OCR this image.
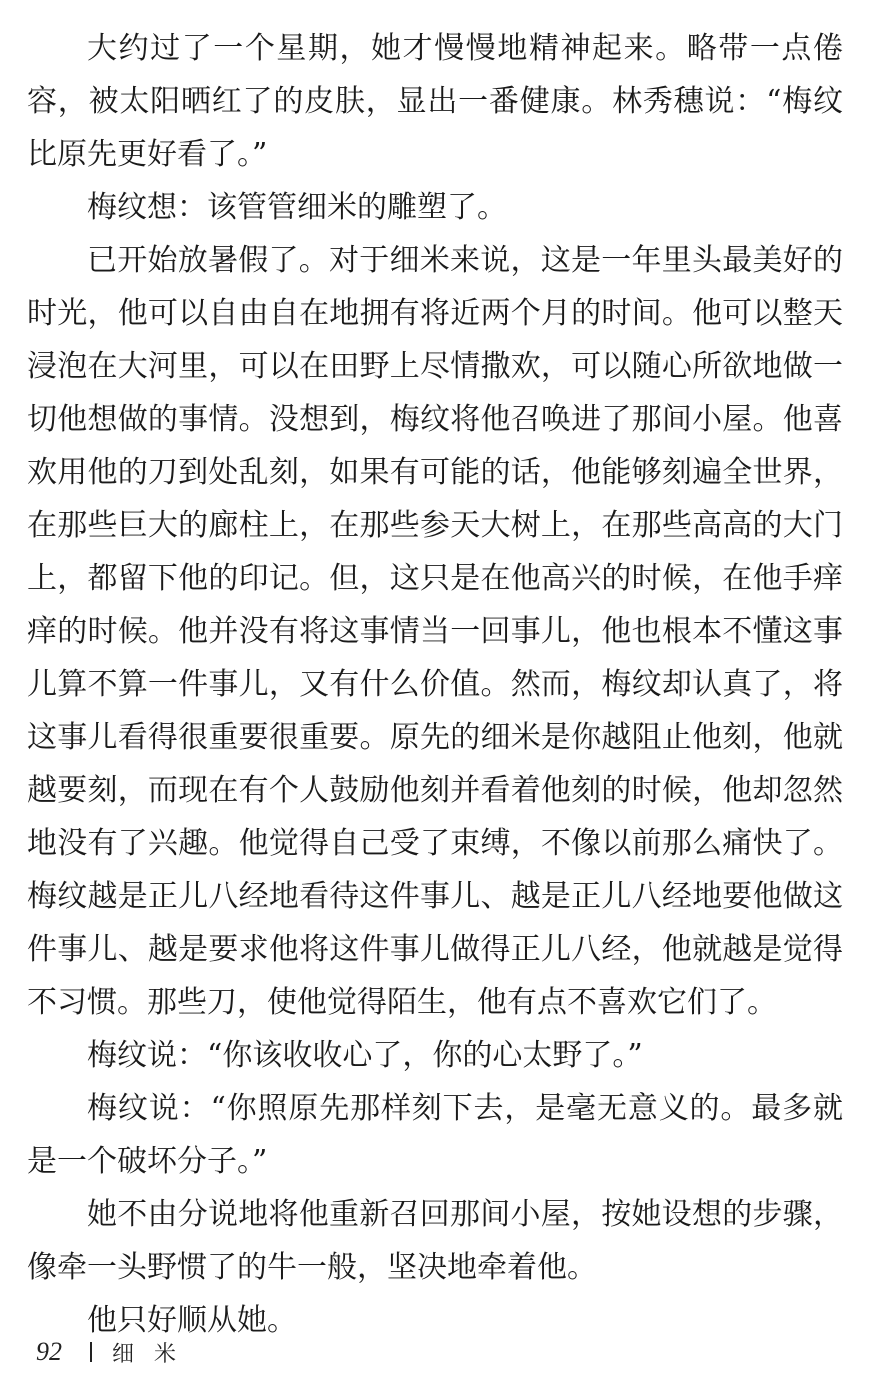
大约过了一个星期，她才慢慢地精神起来。略带一点倦容，被太阳晒红了的皮肤，显出一番健康。林秀穗说：“梅纹比原先更好看了。”

梅纹想：该管管细米的雕塑了。

已开始放暑假了。对于细米来说，这是一年里头最美好的时光，他可以自由自在地拥有将近两个月的时间。他可以整天浸泡在大河里，可以在田野上尽情撒欢，可以随心所欲地做一切他想做的事情。没想到，梅纹将他召唤进了那间小屋。他喜欢用他的刀到处乱刻，如果有可能的话，他能够刻遍全世界，在那些巨大的廊柱上，在那些参天大树上，在那些高高的大门上，都留下他的印记。但，这只是在他高兴的时候，在他手痒痒的时候。他并没有将这事情当一回事儿，他也根本不懂这事儿算不算一件事儿，又有什么价值。然而，梅纹却认真了，将这事儿看得很重要很重要。原先的细米是你越阻止他刻，他就越要刻，而现在有个人鼓励他刻并看着他刻的时候，他却忽然地没有了兴趣。他觉得自己受了束缚，不像以前那么痛快了。梅纹越是正儿八经地看待这件事儿、越是正儿八经地要他做这件事儿、越是要求他将这件事儿做得正儿八经，他就越是觉得不习惯。那些刀，使他觉得陌生，他有点不喜欢它们了。

梅纹说：“你该收收心了，你的心太野了。”

梅纹说：“你照原先那样刻下去，是毫无意义的。最多就是一个破坏分子。”

她不由分说地将他重新召回那间小屋，按她设想的步骤，像牵一头野惯了的牛一般，坚决地牵着他。

他只好顺从她。

92 细米
